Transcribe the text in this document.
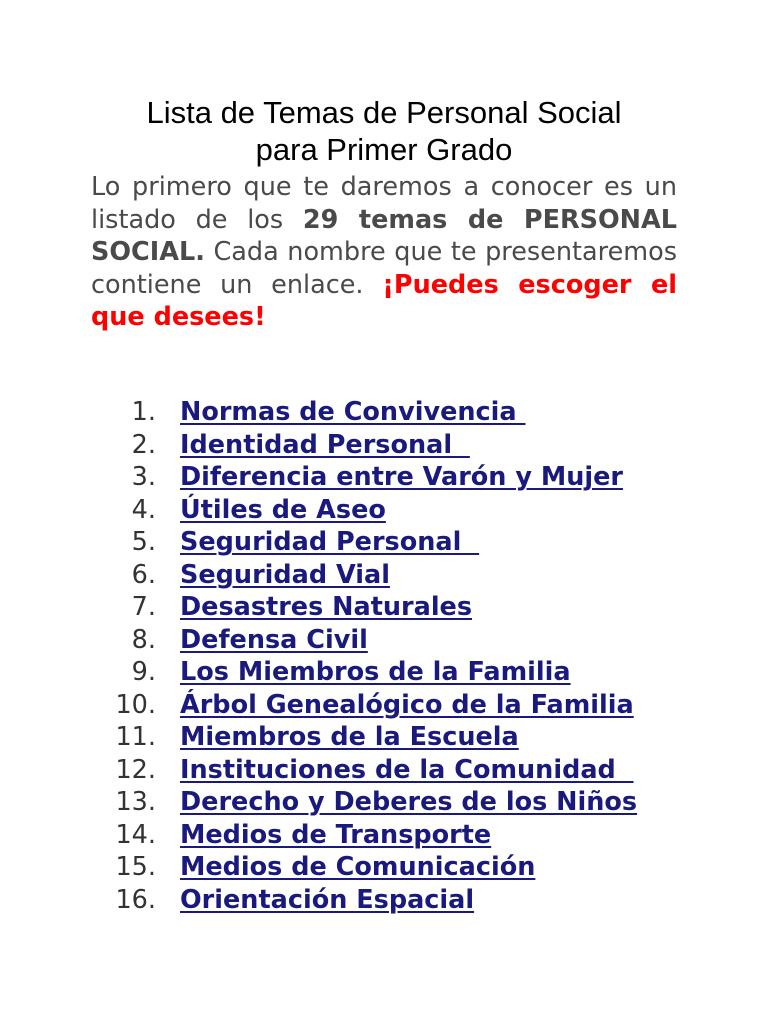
Lista de Temas de Personal Social
para Primer Grado

Lo primero que te daremos a conocer es un listado de los 29 temas de PERSONAL SOCIAL. Cada nombre que te presentaremos contiene un enlace. ¡Puedes escoger el que desees!

1. Normas de Convivencia
2. Identidad Personal
3. Diferencia entre Varón y Mujer
4. Útiles de Aseo
5. Seguridad Personal
6. Seguridad Vial
7. Desastres Naturales
8. Defensa Civil
9. Los Miembros de la Familia
10. Árbol Genealógico de la Familia
11. Miembros de la Escuela
12. Instituciones de la Comunidad
13. Derecho y Deberes de los Niños
14. Medios de Transporte
15. Medios de Comunicación
16. Orientación Espacial
